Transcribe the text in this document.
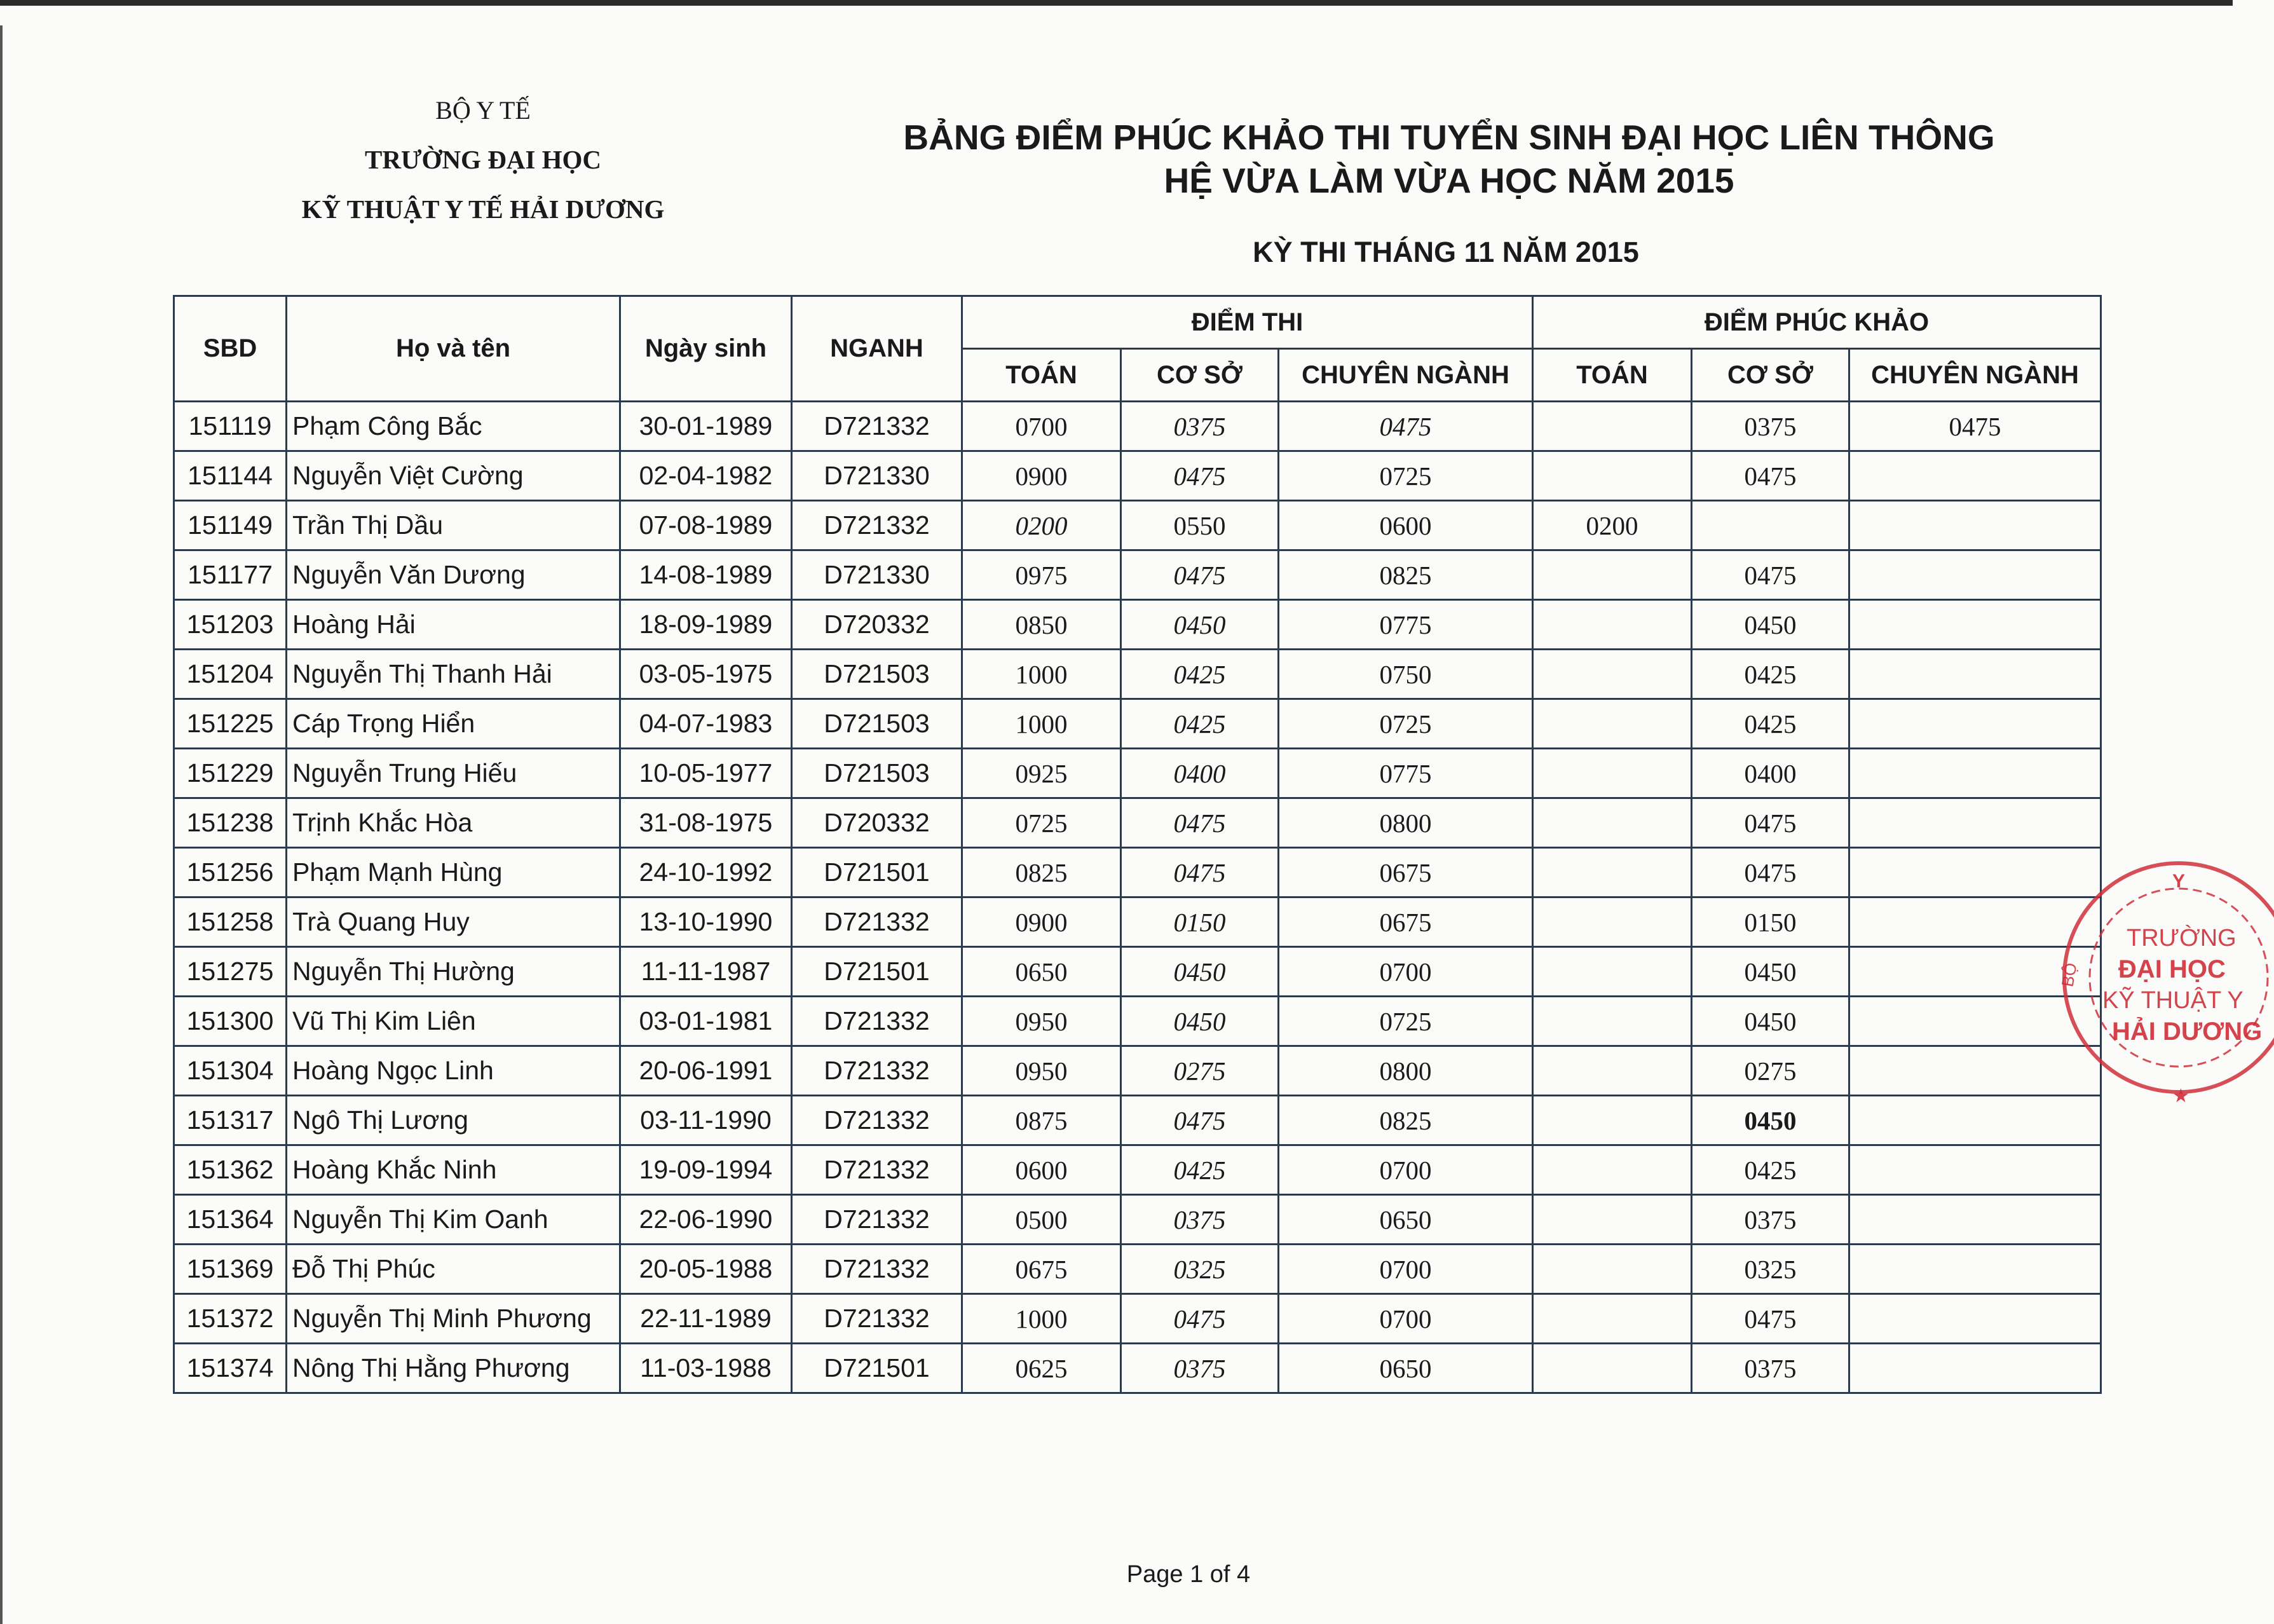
BỘ Y TẾ
TRƯỜNG ĐẠI HỌC
KỸ THUẬT Y TẾ HẢI DƯƠNG
BẢNG ĐIỂM PHÚC KHẢO THI TUYỂN SINH ĐẠI HỌC LIÊN THÔNG
HỆ VỪA LÀM VỪA HỌC NĂM 2015
KỲ THI THÁNG 11 NĂM 2015
SBD	Họ và tên	Ngày sinh	NGANH	ĐIỂM THI			ĐIỂM PHÚC KHẢO		
				TOÁN	CƠ SỞ	CHUYÊN NGÀNH	TOÁN	CƠ SỞ	CHUYÊN NGÀNH
151119	Phạm Công Bắc	30-01-1989	D721332	0700	0375	0475		0375	0475
151144	Nguyễn Việt Cường	02-04-1982	D721330	0900	0475	0725		0475	
151149	Trần Thị Dầu	07-08-1989	D721332	0200	0550	0600	0200		
151177	Nguyễn Văn Dương	14-08-1989	D721330	0975	0475	0825		0475	
151203	Hoàng Hải	18-09-1989	D720332	0850	0450	0775		0450	
151204	Nguyễn Thị Thanh Hải	03-05-1975	D721503	1000	0425	0750		0425	
151225	Cáp Trọng Hiển	04-07-1983	D721503	1000	0425	0725		0425	
151229	Nguyễn Trung Hiếu	10-05-1977	D721503	0925	0400	0775		0400	
151238	Trịnh Khắc Hòa	31-08-1975	D720332	0725	0475	0800		0475	
151256	Phạm Mạnh Hùng	24-10-1992	D721501	0825	0475	0675		0475	
151258	Trà Quang Huy	13-10-1990	D721332	0900	0150	0675		0150	
151275	Nguyễn Thị Hường	11-11-1987	D721501	0650	0450	0700		0450	
151300	Vũ Thị Kim Liên	03-01-1981	D721332	0950	0450	0725		0450	
151304	Hoàng Ngọc Linh	20-06-1991	D721332	0950	0275	0800		0275	
151317	Ngô Thị Lương	03-11-1990	D721332	0875	0475	0825		0450	
151362	Hoàng Khắc Ninh	19-09-1994	D721332	0600	0425	0700		0425	
151364	Nguyễn Thị Kim Oanh	22-06-1990	D721332	0500	0375	0650		0375	
151369	Đỗ Thị Phúc	20-05-1988	D721332	0675	0325	0700		0325	
151372	Nguyễn Thị Minh Phương	22-11-1989	D721332	1000	0475	0700		0475	
151374	Nông Thị Hằng Phương	11-03-1988	D721501	0625	0375	0650		0375	
Y
TRƯỜNG
ĐẠI HỌC
KỸ THUẬT Y
HẢI DƯƠNG
BỘ
★
Page 1 of 4
